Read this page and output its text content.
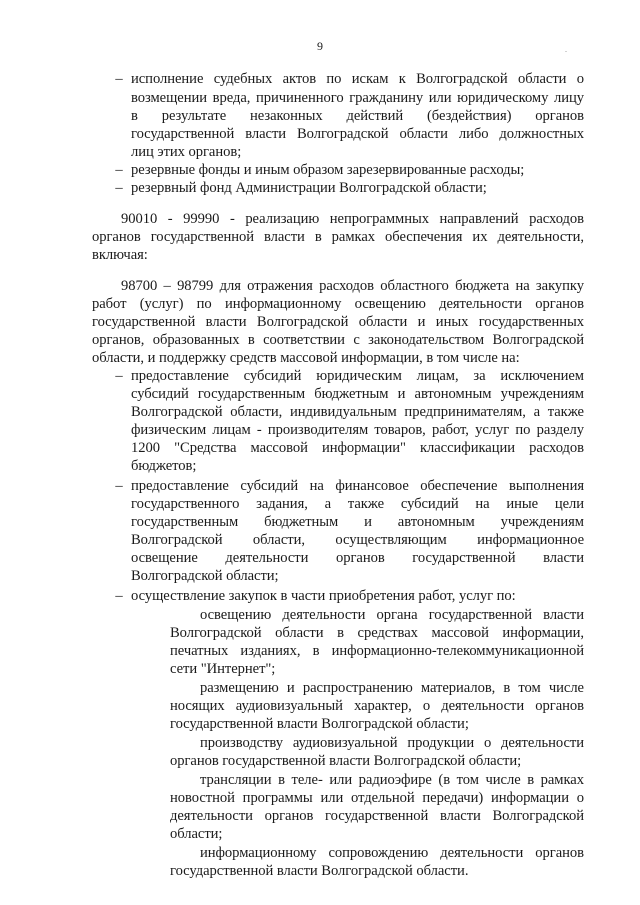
9	.
– исполнение судебных актов по искам к Волгоградской области о
возмещении вреда, причиненного гражданину или юридическому лицу
в результате незаконных действий (бездействия) органов
государственной власти Волгоградской области либо должностных
лиц этих органов;
– резервные фонды и иным образом зарезервированные расходы;
– резервный фонд Администрации Волгоградской области;
90010 - 99990 - реализацию непрограммных направлений расходов
органов государственной власти в рамках обеспечения их деятельности,
включая:
98700 – 98799 для отражения расходов областного бюджета на закупку
работ (услуг) по информационному освещению деятельности органов
государственной власти Волгоградской области и иных государственных
органов, образованных в соответствии с законодательством Волгоградской
области, и поддержку средств массовой информации, в том числе на:
– предоставление субсидий юридическим лицам, за исключением
субсидий государственным бюджетным и автономным учреждениям
Волгоградской области, индивидуальным предпринимателям, а также
физическим лицам - производителям товаров, работ, услуг по разделу
1200 "Средства массовой информации" классификации расходов
бюджетов;
– предоставление субсидий на финансовое обеспечение выполнения
государственного задания, а также субсидий на иные цели
государственным бюджетным и автономным учреждениям
Волгоградской области, осуществляющим информационное
освещение деятельности органов государственной власти
Волгоградской области;
– осуществление закупок в части приобретения работ, услуг по:
освещению деятельности органа государственной власти
Волгоградской области в средствах массовой информации,
печатных изданиях, в информационно-телекоммуникационной
сети "Интернет";
размещению и распространению материалов, в том числе
носящих аудиовизуальный характер, о деятельности органов
государственной власти Волгоградской области;
производству аудиовизуальной продукции о деятельности
органов государственной власти Волгоградской области;
трансляции в теле- или радиоэфире (в том числе в рамках
новостной программы или отдельной передачи) информации о
деятельности органов государственной власти Волгоградской
области;
информационному сопровождению деятельности органов
государственной власти Волгоградской области.
